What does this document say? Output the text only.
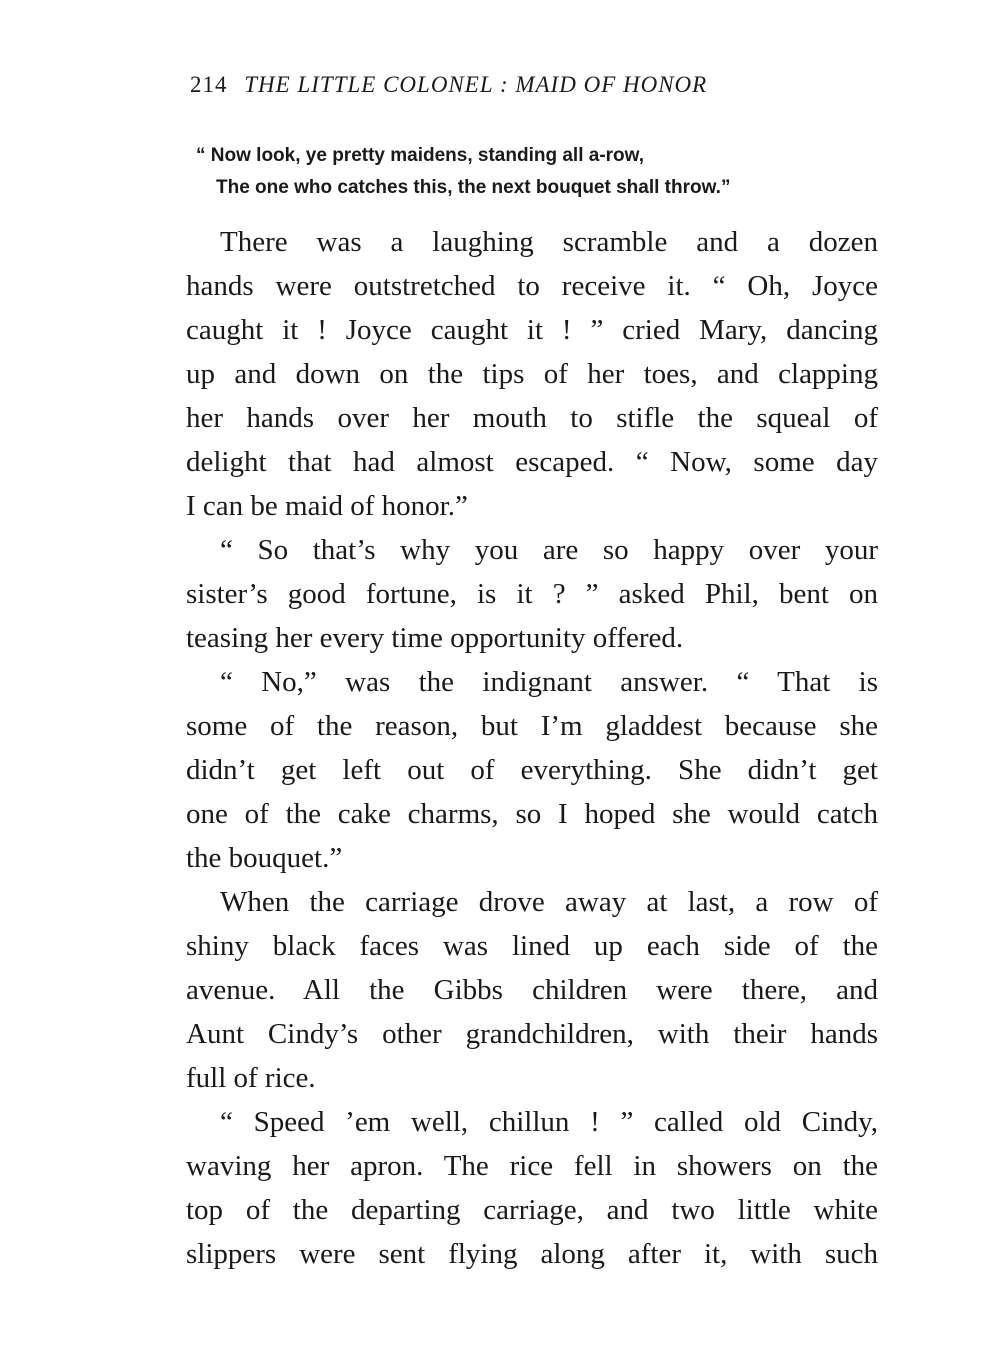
214 THE LITTLE COLONEL : MAID OF HONOR
“ Now look, ye pretty maidens, standing all a-row,
The one who catches this, the next bouquet shall throw.”

There was a laughing scramble and a dozen
hands were outstretched to receive it. “ Oh, Joyce
caught it ! Joyce caught it ! ” cried Mary, dancing
up and down on the tips of her toes, and clapping
her hands over her mouth to stifle the squeal of
delight that had almost escaped. “ Now, some day
I can be maid of honor.”

“ So that’s why you are so happy over your
sister’s good fortune, is it ? ” asked Phil, bent on
teasing her every time opportunity offered.

“ No,” was the indignant answer. “ That is
some of the reason, but I’m gladdest because she
didn’t get left out of everything. She didn’t get
one of the cake charms, so I hoped she would catch
the bouquet.”

When the carriage drove away at last, a row of
shiny black faces was lined up each side of the
avenue. All the Gibbs children were there, and
Aunt Cindy’s other grandchildren, with their hands
full of rice.

“ Speed ’em well, chillun ! ” called old Cindy,
waving her apron. The rice fell in showers on the
top of the departing carriage, and two little white
slippers were sent flying along after it, with such
